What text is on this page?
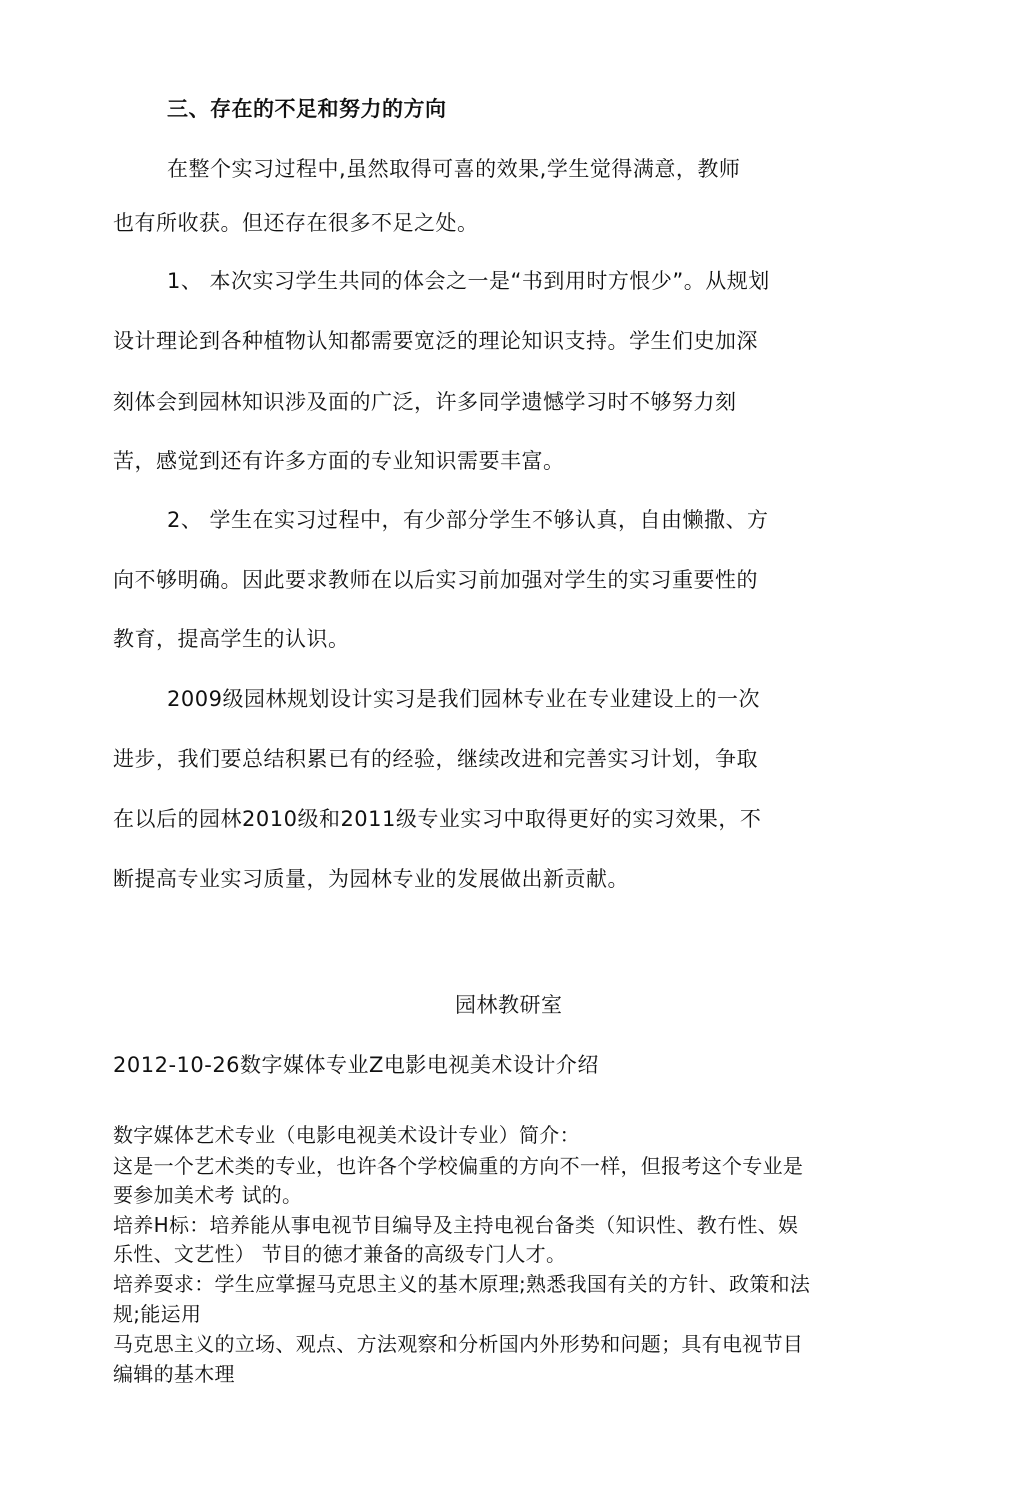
三、存在的不足和努力的方向
在整个实习过程中,虽然取得可喜的效果,学生觉得满意，教师
也有所收获。但还存在很多不足之处。
1、 本次实习学生共同的体会之一是“书到用时方恨少”。从规划
设计理论到各种植物认知都需要宽泛的理论知识支持。学生们史加深
刻体会到园林知识涉及面的广泛，许多同学遗憾学习时不够努力刻
苦，感觉到还有许多方面的专业知识需要丰富。
2、 学生在实习过程中，有少部分学生不够认真，自由懒撒、方
向不够明确。因此要求教师在以后实习前加强对学生的实习重要性的
教育，提高学生的认识。
2009级园林规划设计实习是我们园林专业在专业建设上的一次
进步，我们要总结积累已有的经验，继续改进和完善实习计划，争取
在以后的园林2010级和2011级专业实习中取得更好的实习效果，不
断提高专业实习质量，为园林专业的发展做出新贡献。
园林教研室
2012-10-26数字媒体专业Z电影电视美术设计介绍
数字媒体艺术专业（电影电视美术设计专业）简介：
这是一个艺术类的专业，也许各个学校偏重的方向不一样，但报考这个专业是
要参加美术考 试的。
培养H标：培养能从事电视节目编导及主持电视台备类（知识性、教冇性、娱
乐性、文艺性） 节目的徳才兼备的高级专门人才。
培养耍求：学生应掌握马克思主义的基木原理;熟悉我国有关的方针、政策和法
规;能运用
马克思主义的立场、观点、方法观察和分析国内外形势和问题；具有电视节目
编辑的基木理
